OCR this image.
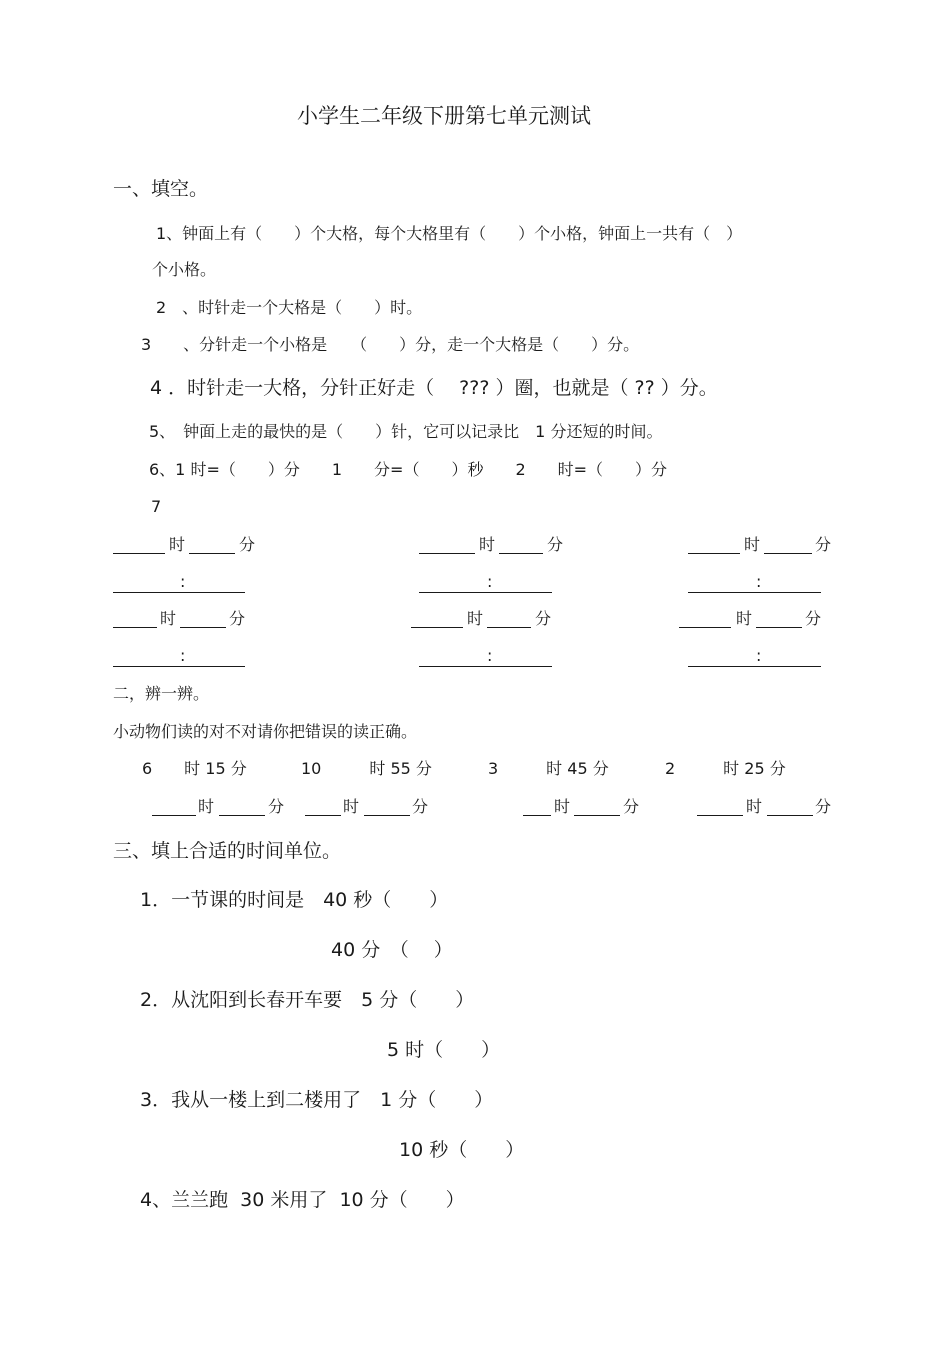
小学生二年级下册第七单元测试
一、填空。
1、钟面上有（　　）个大格，每个大格里有（　　）个小格，钟面上一共有（　）
个小格。
2　、时针走一个大格是（　　）时。
3　　、分针走一个小格是　　（　　）分，走一个大格是（　　）分。
4 ．时针走一大格，分针正好走（　 ??? ）圈，也就是（ ?? ）分。
5、　钟面上走的最快的是（　　）针，它可以记录比　1 分还短的时间。
6、1 时=（　　）分　　1　　分=（　　）秒　　2　　时=（　　）分
7
时	分	时	分	时	分
:	:	:
时	分	时	分	时	分
:	:	:
二，辨一辨。
小动物们读的对不对请你把错误的读正确。
6　　时 15 分	10　　　时 55 分	3　　　时 45 分	2　　　时 25 分
时	分	时	分	时	分	时	分
三、填上合适的时间单位。
1．一节课的时间是　40 秒（　　）
40 分　（　 ）
2．从沈阳到长春开车要　5 分（　　）
5 时（　　）
3．我从一楼上到二楼用了　1 分（　　）
10 秒（　　）
4、兰兰跑  30 米用了  10 分（　　）
